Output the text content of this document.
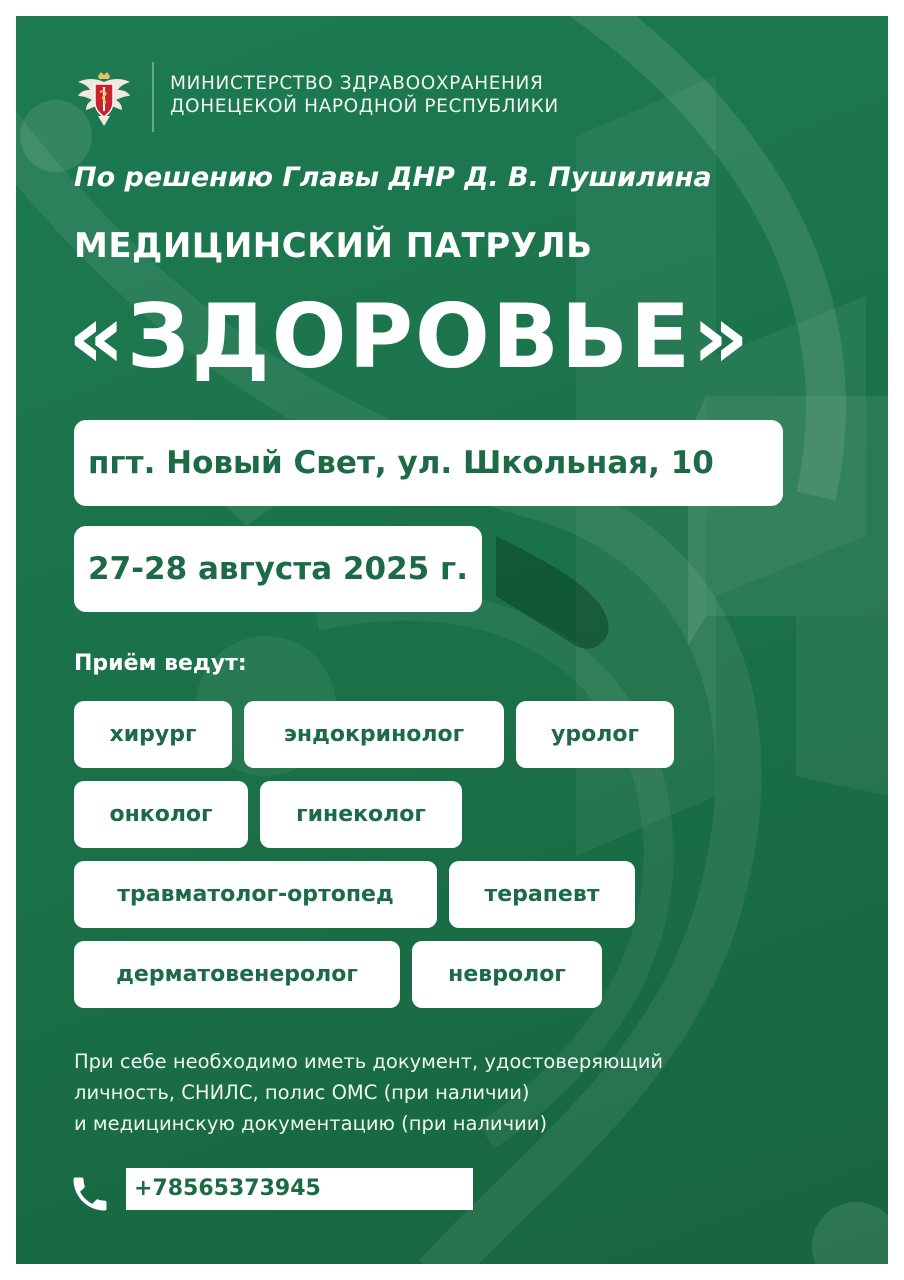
МИНИСТЕРСТВО ЗДРАВООХРАНЕНИЯ
ДОНЕЦЕКОЙ НАРОДНОЙ РЕСПУБЛИКИ
По решению Главы ДНР Д. В. Пушилина
МЕДИЦИНСКИЙ ПАТРУЛЬ
«ЗДОРОВЬЕ»
пгт. Новый Свет, ул. Школьная, 10
27-28 августа 2025 г.
Приём ведут:
хирург	эндокринолог	уролог
онколог	гинеколог
травматолог-ортопед	терапевт
дерматовенеролог	невролог
При себе необходимо иметь документ, удостоверяющий
личность, СНИЛС, полис ОМС (при наличии)
и медицинскую документацию (при наличии)
+78565373945
